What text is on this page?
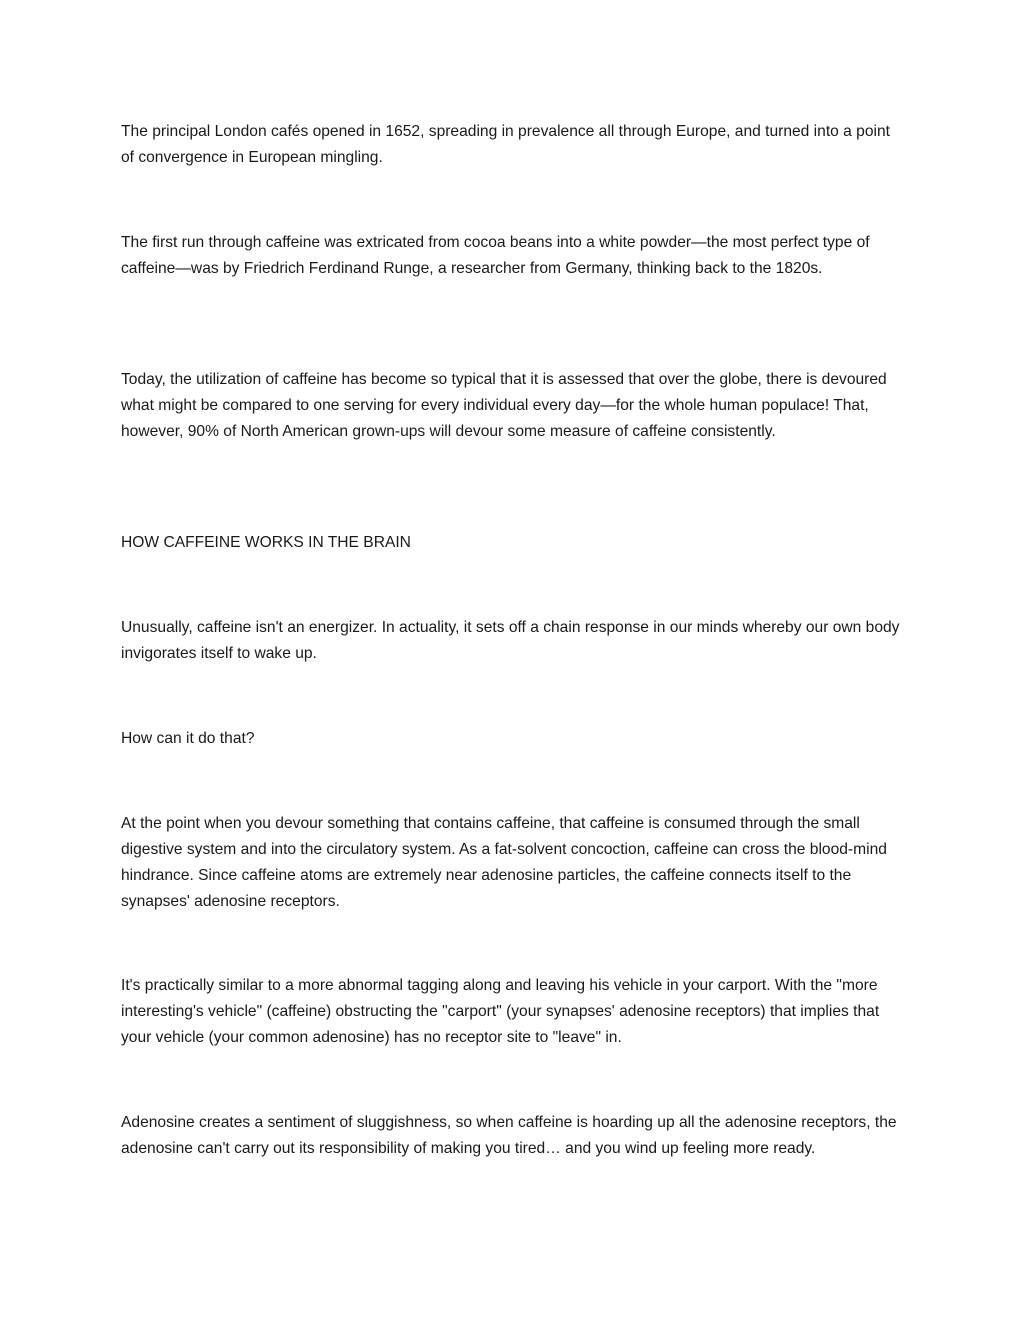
The principal London cafés opened in 1652, spreading in prevalence all through Europe, and turned into a point of convergence in European mingling.

The first run through caffeine was extricated from cocoa beans into a white powder—the most perfect type of caffeine—was by Friedrich Ferdinand Runge, a researcher from Germany, thinking back to the 1820s.

Today, the utilization of caffeine has become so typical that it is assessed that over the globe, there is devoured what might be compared to one serving for every individual every day—for the whole human populace! That, however, 90% of North American grown-ups will devour some measure of caffeine consistently.

HOW CAFFEINE WORKS IN THE BRAIN

Unusually, caffeine isn't an energizer. In actuality, it sets off a chain response in our minds whereby our own body invigorates itself to wake up.

How can it do that?

At the point when you devour something that contains caffeine, that caffeine is consumed through the small digestive system and into the circulatory system. As a fat-solvent concoction, caffeine can cross the blood-mind hindrance. Since caffeine atoms are extremely near adenosine particles, the caffeine connects itself to the synapses' adenosine receptors.

It's practically similar to a more abnormal tagging along and leaving his vehicle in your carport. With the "more interesting's vehicle" (caffeine) obstructing the "carport" (your synapses' adenosine receptors) that implies that your vehicle (your common adenosine) has no receptor site to "leave" in.

Adenosine creates a sentiment of sluggishness, so when caffeine is hoarding up all the adenosine receptors, the adenosine can't carry out its responsibility of making you tired… and you wind up feeling more ready.
